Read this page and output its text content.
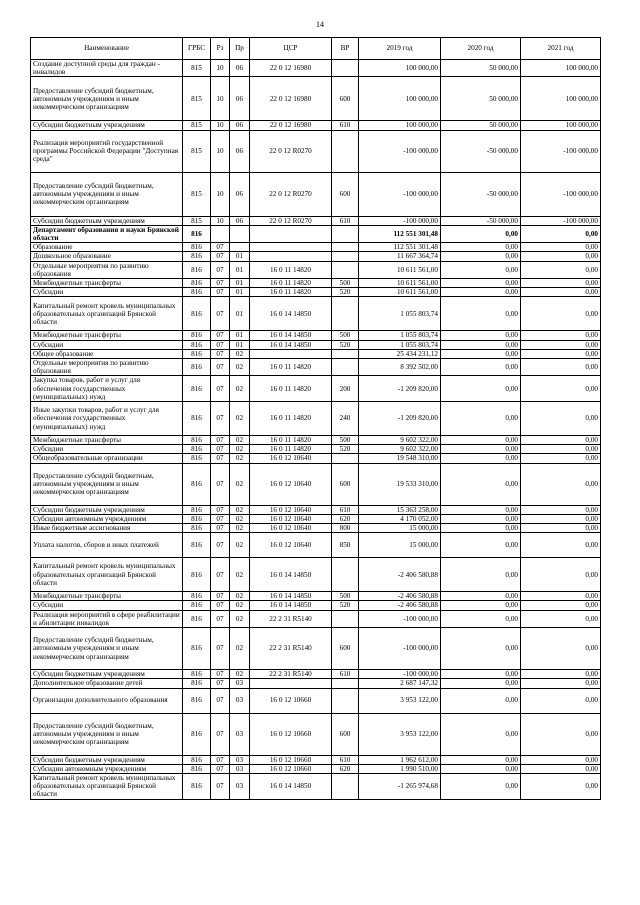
14
Наименование	ГРБС	Рз	Пр	ЦСР	ВР	2019 год	2020 год	2021 год
Создание доступной среды для граждан - инвалидов	815	10	06	22 0 12 16980		100 000,00	50 000,00	100 000,00
Предоставление субсидий бюджетным, автономным учреждениям и иным некоммерческим организациям	815	10	06	22 0 12 16980	600	100 000,00	50 000,00	100 000,00
Субсидии бюджетным учреждениям	815	10	06	22 0 12 16980	610	100 000,00	50 000,00	100 000,00
Реализация мероприятий государственной программы Российской Федерации "Доступная среда"	815	10	06	22 0 12 R0270		-100 000,00	-50 000,00	-100 000,00
Предоставление субсидий бюджетным, автономным учреждениям и иным некоммерческим организациям	815	10	06	22 0 12 R0270	600	-100 000,00	-50 000,00	-100 000,00
Субсидии бюджетным учреждениям	815	10	06	22 0 12 R0270	610	-100 000,00	-50 000,00	-100 000,00
Департамент образования и науки Брянской области	816					112 551 301,48	0,00	0,00
Образование	816	07				112 551 301,48	0,00	0,00
Дошкольное образование	816	07	01			11 667 364,74	0,00	0,00
Отдельные мероприятия по развитию образования	816	07	01	16 0 11 14820		10 611 561,00	0,00	0,00
Межбюджетные трансферты	816	07	01	16 0 11 14820	500	10 611 561,00	0,00	0,00
Субсидии	816	07	01	16 0 11 14820	520	10 611 561,00	0,00	0,00
Капитальный ремонт кровель муниципальных образовательных организаций Брянской области	816	07	01	16 0 14 14850		1 055 803,74	0,00	0,00
Межбюджетные трансферты	816	07	01	16 0 14 14850	500	1 055 803,74	0,00	0,00
Субсидии	816	07	01	16 0 14 14850	520	1 055 803,74	0,00	0,00
Общее образование	816	07	02			25 434 231,12	0,00	0,00
Отдельные мероприятия по развитию образования	816	07	02	16 0 11 14820		8 392 502,00	0,00	0,00
Закупка товаров, работ и услуг для обеспечения государственных (муниципальных) нужд	816	07	02	16 0 11 14820	200	-1 209 820,00	0,00	0,00
Иные закупки товаров, работ и услуг для обеспечения государственных (муниципальных) нужд	816	07	02	16 0 11 14820	240	-1 209 820,00	0,00	0,00
Межбюджетные трансферты	816	07	02	16 0 11 14820	500	9 602 322,00	0,00	0,00
Субсидии	816	07	02	16 0 11 14820	520	9 602 322,00	0,00	0,00
Общеобразовательные организации	816	07	02	16 0 12 10640		19 548 310,00	0,00	0,00
Предоставление субсидий бюджетным, автономным учреждениям и иным некоммерческим организациям	816	07	02	16 0 12 10640	600	19 533 310,00	0,00	0,00
Субсидии бюджетным учреждениям	816	07	02	16 0 12 10640	610	15 363 258,00	0,00	0,00
Субсидии автономным учреждениям	816	07	02	16 0 12 10640	620	4 170 052,00	0,00	0,00
Иные бюджетные ассигнования	816	07	02	16 0 12 10640	800	15 000,00	0,00	0,00
Уплата налогов, сборов и иных платежей	816	07	02	16 0 12 10640	850	15 000,00	0,00	0,00
Капитальный ремонт кровель муниципальных образовательных организаций Брянской области	816	07	02	16 0 14 14850		-2 406 580,88	0,00	0,00
Межбюджетные трансферты	816	07	02	16 0 14 14850	500	-2 406 580,88	0,00	0,00
Субсидии	816	07	02	16 0 14 14850	520	-2 406 580,88	0,00	0,00
Реализация мероприятий в сфере реабилитации и абилитации инвалидов	816	07	02	22 2 31 R5140		-100 000,00	0,00	0,00
Предоставление субсидий бюджетным, автономным учреждениям и иным некоммерческим организациям	816	07	02	22 2 31 R5140	600	-100 000,00	0,00	0,00
Субсидии бюджетным учреждениям	816	07	02	22 2 31 R5140	610	-100 000,00	0,00	0,00
Дополнительное образование детей	816	07	03			2 687 147,32	0,00	0,00
Организации дополнительного образования	816	07	03	16 0 12 10660		3 953 122,00	0,00	0,00
Предоставление субсидий бюджетным, автономным учреждениям и иным некоммерческим организациям	816	07	03	16 0 12 10660	600	3 953 122,00	0,00	0,00
Субсидии бюджетным учреждениям	816	07	03	16 0 12 10660	610	1 962 612,00	0,00	0,00
Субсидии автономным учреждениям	816	07	03	16 0 12 10660	620	1 990 510,00	0,00	0,00
Капитальный ремонт кровель муниципальных образовательных организаций Брянской области	816	07	03	16 0 14 14850		-1 265 974,68	0,00	0,00
